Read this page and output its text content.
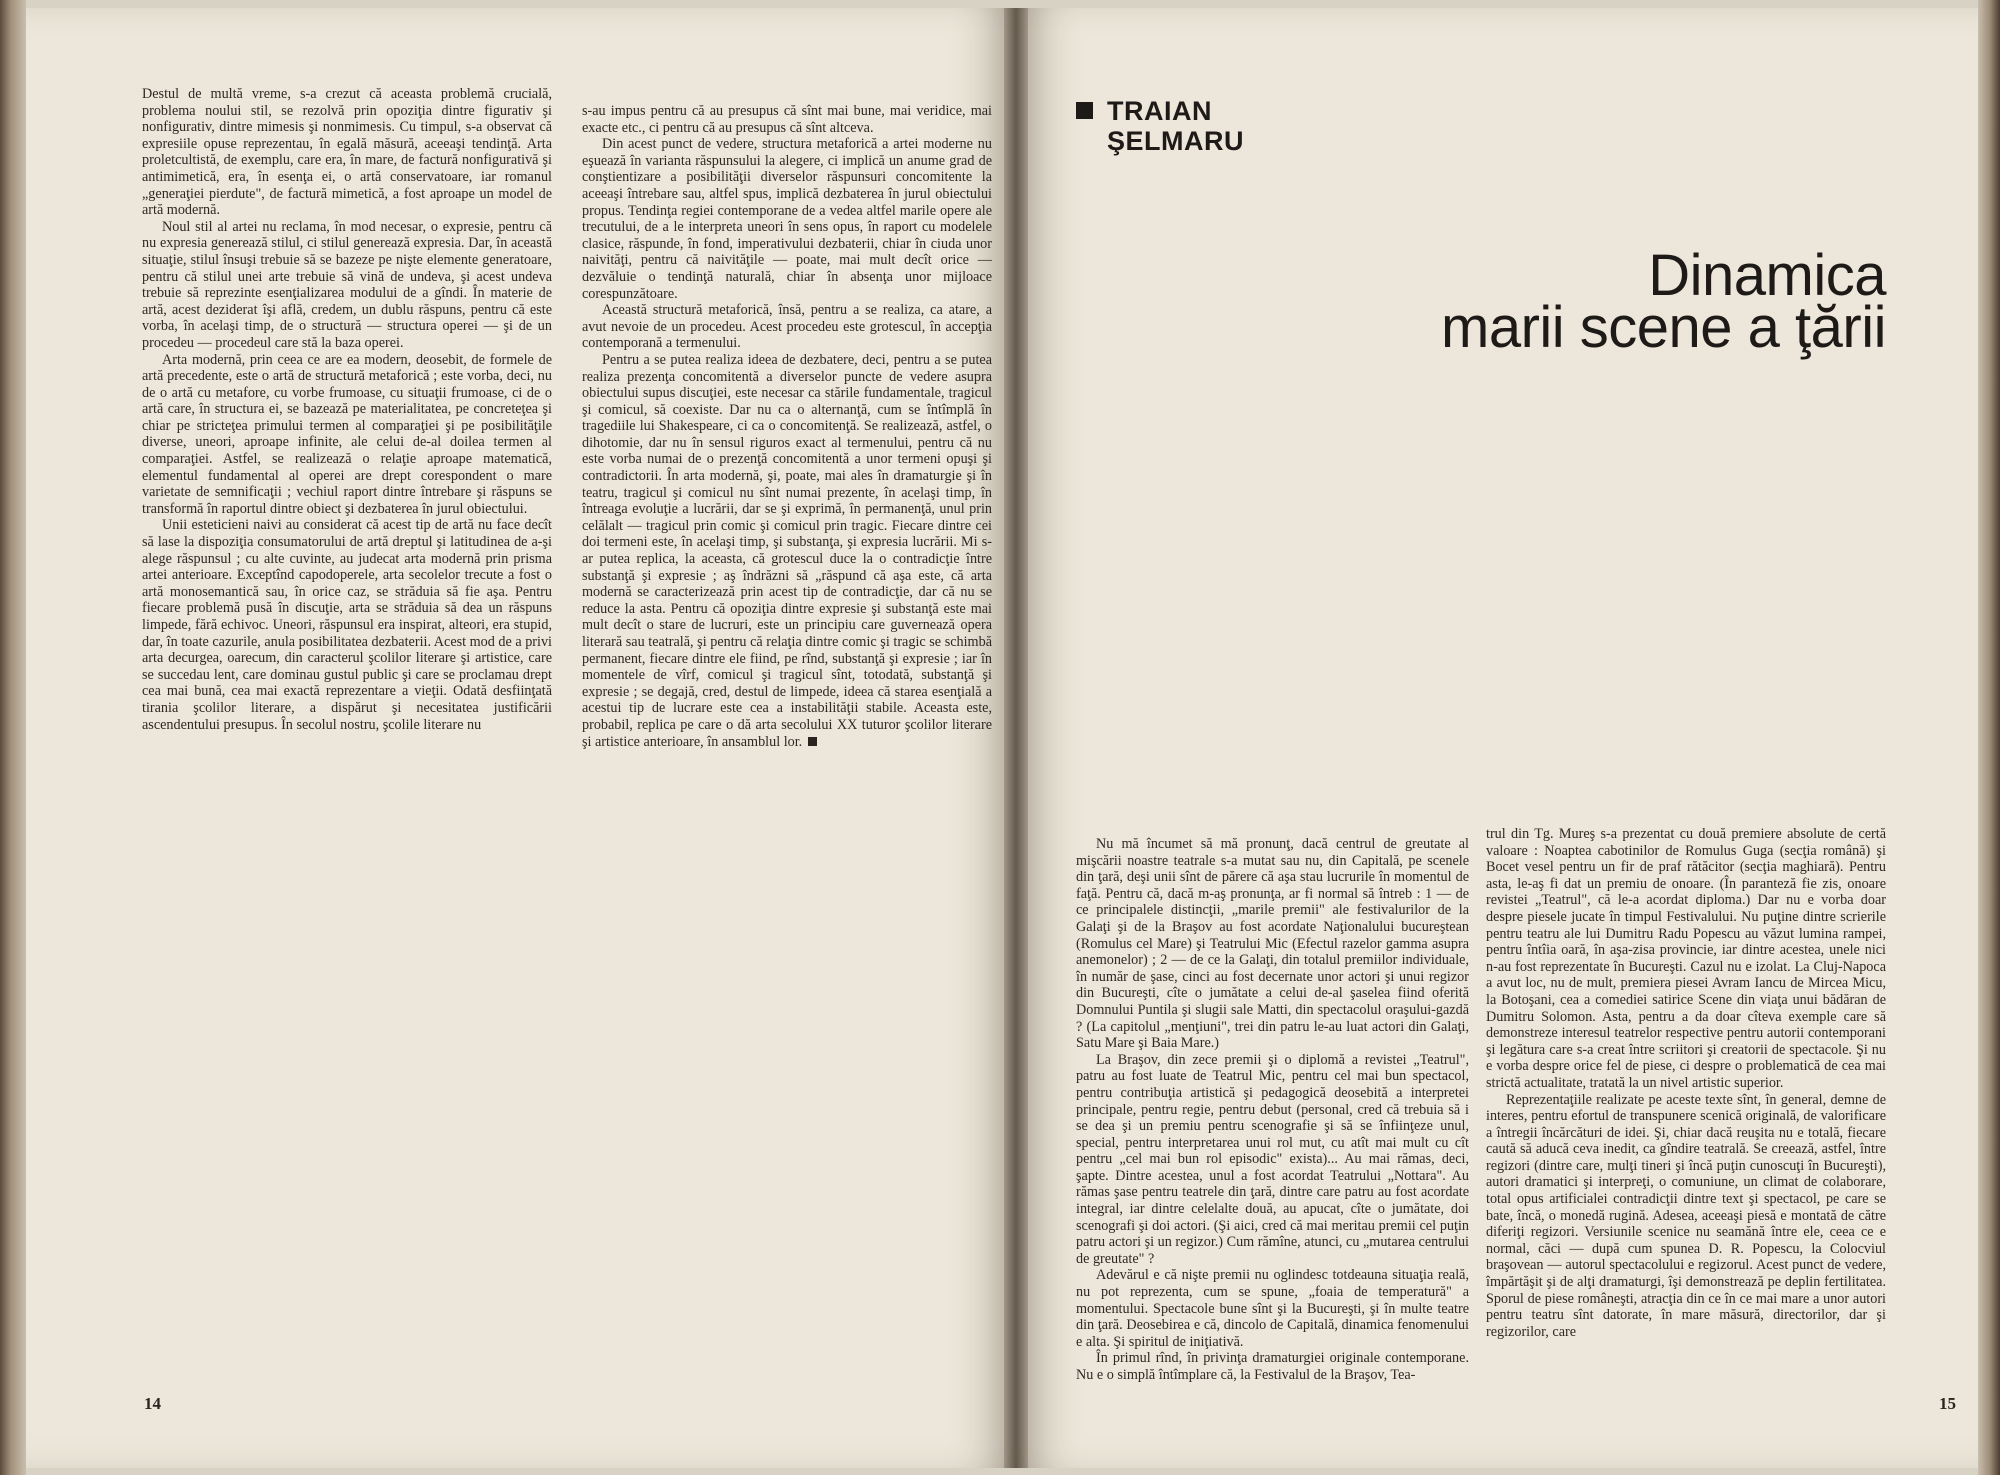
Destul de multă vreme, s-a crezut că aceasta problemă crucială, problema noului stil, se rezolvă prin opoziţia dintre figurativ şi nonfigurativ, dintre mimesis şi nonmimesis. Cu timpul, s-a observat că expresiile opuse reprezentau, în egală măsură, aceeaşi tendinţă. Arta proletcultistă, de exemplu, care era, în mare, de factură nonfigurativă şi antimimetică, era, în esenţa ei, o artă conservatoare, iar romanul „generaţiei pierdute", de factură mimetică, a fost aproape un model de artă modernă.

Noul stil al artei nu reclama, în mod necesar, o expresie, pentru că nu expresia generează stilul, ci stilul generează expresia. Dar, în această situaţie, stilul însuşi trebuie să se bazeze pe nişte elemente generatoare, pentru că stilul unei arte trebuie să vină de undeva, şi acest undeva trebuie să reprezinte esenţializarea modului de a gîndi. În materie de artă, acest deziderat îşi află, credem, un dublu răspuns, pentru că este vorba, în acelaşi timp, de o structură — structura operei — şi de un procedeu — procedeul care stă la baza operei.

Arta modernă, prin ceea ce are ea modern, deosebit, de formele de artă precedente, este o artă de structură metaforică ; este vorba, deci, nu de o artă cu metafore, cu vorbe frumoase, cu situaţii frumoase, ci de o artă care, în structura ei, se bazează pe materialitatea, pe concreteţea şi chiar pe stricteţea primului termen al comparaţiei şi pe posibilităţile diverse, uneori, aproape infinite, ale celui de-al doilea termen al comparaţiei. Astfel, se realizează o relaţie aproape matematică, elementul fundamental al operei are drept corespondent o mare varietate de semnificaţii ; vechiul raport dintre întrebare şi răspuns se transformă în raportul dintre obiect şi dezbaterea în jurul obiectului.

Unii esteticieni naivi au considerat că acest tip de artă nu face decît să lase la dispoziţia consumatorului de artă dreptul şi latitudinea de a-şi alege răspunsul ; cu alte cuvinte, au judecat arta modernă prin prisma artei anterioare. Exceptînd capodoperele, arta secolelor trecute a fost o artă monosemantică sau, în orice caz, se străduia să fie aşa. Pentru fiecare problemă pusă în discuţie, arta se străduia să dea un răspuns limpede, fără echivoc. Uneori, răspunsul era inspirat, alteori, era stupid, dar, în toate cazurile, anula posibilitatea dezbaterii. Acest mod de a privi arta decurgea, oarecum, din caracterul şcolilor literare şi artistice, care se succedau lent, care dominau gustul public şi care se proclamau drept cea mai bună, cea mai exactă reprezentare a vieţii. Odată desfiinţată tirania şcolilor literare, a dispărut şi necesitatea justificării ascendentului presupus. În secolul nostru, şcolile literare nu

s-au impus pentru că au presupus că sînt mai bune, mai veridice, mai exacte etc., ci pentru că au presupus că sînt altceva.

Din acest punct de vedere, structura metaforică a artei moderne nu eşuează în varianta răspunsului la alegere, ci implică un anume grad de conştientizare a posibilităţii diverselor răspunsuri concomitente la aceeaşi întrebare sau, altfel spus, implică dezbaterea în jurul obiectului propus. Tendinţa regiei contemporane de a vedea altfel marile opere ale trecutului, de a le interpreta uneori în sens opus, în raport cu modelele clasice, răspunde, în fond, imperativului dezbaterii, chiar în ciuda unor naivităţi, pentru că naivităţile — poate, mai mult decît orice — dezvăluie o tendinţă naturală, chiar în absenţa unor mijloace corespunzătoare.

Această structură metaforică, însă, pentru a se realiza, ca atare, a avut nevoie de un procedeu. Acest procedeu este grotescul, în accepţia contemporană a termenului.

Pentru a se putea realiza ideea de dezbatere, deci, pentru a se putea realiza prezenţa concomitentă a diverselor puncte de vedere asupra obiectului supus discuţiei, este necesar ca stările fundamentale, tragicul şi comicul, să coexiste. Dar nu ca o alternanţă, cum se întîmplă în tragediile lui Shakespeare, ci ca o concomitenţă. Se realizează, astfel, o dihotomie, dar nu în sensul riguros exact al termenului, pentru că nu este vorba numai de o prezenţă concomitentă a unor termeni opuşi şi contradictorii. În arta modernă, şi, poate, mai ales în dramaturgie şi în teatru, tragicul şi comicul nu sînt numai prezente, în acelaşi timp, în întreaga evoluţie a lucrării, dar se şi exprimă, în permanenţă, unul prin celălalt — tragicul prin comic şi comicul prin tragic. Fiecare dintre cei doi termeni este, în acelaşi timp, şi substanţa, şi expresia lucrării. Mi s-ar putea replica, la aceasta, că grotescul duce la o contradicţie între substanţă şi expresie ; aş îndrăzni să „răspund că aşa este, că arta modernă se caracterizează prin acest tip de contradicţie, dar că nu se reduce la asta. Pentru că opoziţia dintre expresie şi substanţă este mai mult decît o stare de lucruri, este un principiu care guvernează opera literară sau teatrală, şi pentru că relaţia dintre comic şi tragic se schimbă permanent, fiecare dintre ele fiind, pe rînd, substanţă şi expresie ; iar în momentele de vîrf, comicul şi tragicul sînt, totodată, substanţă şi expresie ; se degajă, cred, destul de limpede, ideea că starea esenţială a acestui tip de lucrare este cea a instabilităţii stabile. Aceasta este, probabil, replica pe care o dă arta secolului XX tuturor şcolilor literare şi artistice anterioare, în ansamblul lor.

14
TRAIAN
ŞELMARU
Dinamica
marii scene a ţării

Nu mă încumet să mă pronunţ, dacă centrul de greutate al mişcării noastre teatrale s-a mutat sau nu, din Capitală, pe scenele din ţară, deşi unii sînt de părere că aşa stau lucrurile în momentul de faţă. Pentru că, dacă m-aş pronunţa, ar fi normal să întreb : 1 — de ce principalele distincţii, „marile premii" ale festivalurilor de la Galaţi şi de la Braşov au fost acordate Naţionalului bucureştean (Romulus cel Mare) şi Teatrului Mic (Efectul razelor gamma asupra anemonelor) ; 2 — de ce la Galaţi, din totalul premiilor individuale, în număr de şase, cinci au fost decernate unor actori şi unui regizor din Bucureşti, cîte o jumătate a celui de-al şaselea fiind oferită Domnului Puntila şi slugii sale Matti, din spectacolul oraşului-gazdă ? (La capitolul „menţiuni", trei din patru le-au luat actori din Galaţi, Satu Mare şi Baia Mare.)

La Braşov, din zece premii şi o diplomă a revistei „Teatrul", patru au fost luate de Teatrul Mic, pentru cel mai bun spectacol, pentru contribuţia artistică şi pedagogică deosebită a interpretei principale, pentru regie, pentru debut (personal, cred că trebuia să i se dea şi un premiu pentru scenografie şi să se înfiinţeze unul, special, pentru interpretarea unui rol mut, cu atît mai mult cu cît pentru „cel mai bun rol episodic" exista)... Au mai rămas, deci, şapte. Dintre acestea, unul a fost acordat Teatrului „Nottara". Au rămas şase pentru teatrele din ţară, dintre care patru au fost acordate integral, iar dintre celelalte două, au apucat, cîte o jumătate, doi scenografi şi doi actori. (Şi aici, cred că mai meritau premii cel puţin patru actori şi un regizor.) Cum rămîne, atunci, cu „mutarea centrului de greutate" ?

Adevărul e că nişte premii nu oglindesc totdeauna situaţia reală, nu pot reprezenta, cum se spune, „foaia de temperatură" a momentului. Spectacole bune sînt şi la Bucureşti, şi în multe teatre din ţară. Deosebirea e că, dincolo de Capitală, dinamica fenomenului e alta. Şi spiritul de iniţiativă.

În primul rînd, în privinţa dramaturgiei originale contemporane. Nu e o simplă întîmplare că, la Festivalul de la Braşov, Tea-

trul din Tg. Mureş s-a prezentat cu două premiere absolute de certă valoare : Noaptea cabotinilor de Romulus Guga (secţia română) şi Bocet vesel pentru un fir de praf rătăcitor (secţia maghiară). Pentru asta, le-aş fi dat un premiu de onoare. (În paranteză fie zis, onoare revistei „Teatrul", că le-a acordat diploma.) Dar nu e vorba doar despre piesele jucate în timpul Festivalului. Nu puţine dintre scrierile pentru teatru ale lui Dumitru Radu Popescu au văzut lumina rampei, pentru întîia oară, în aşa-zisa provincie, iar dintre acestea, unele nici n-au fost reprezentate în Bucureşti. Cazul nu e izolat. La Cluj-Napoca a avut loc, nu de mult, premiera piesei Avram Iancu de Mircea Micu, la Botoşani, cea a comediei satirice Scene din viaţa unui bădăran de Dumitru Solomon. Asta, pentru a da doar cîteva exemple care să demonstreze interesul teatrelor respective pentru autorii contemporani şi legătura care s-a creat între scriitori şi creatorii de spectacole. Şi nu e vorba despre orice fel de piese, ci despre o problematică de cea mai strictă actualitate, tratată la un nivel artistic superior.

Reprezentaţiile realizate pe aceste texte sînt, în general, demne de interes, pentru efortul de transpunere scenică originală, de valorificare a întregii încărcături de idei. Şi, chiar dacă reuşita nu e totală, fiecare caută să aducă ceva inedit, ca gîndire teatrală. Se creează, astfel, între regizori (dintre care, mulţi tineri şi încă puţin cunoscuţi în Bucureşti), autori dramatici şi interpreţi, o comuniune, un climat de colaborare, total opus artificialei contradicţii dintre text şi spectacol, pe care se bate, încă, o monedă rugină. Adesea, aceeaşi piesă e montată de către diferiţi regizori. Versiunile scenice nu seamănă între ele, ceea ce e normal, căci — după cum spunea D. R. Popescu, la Colocviul braşovean — autorul spectacolului e regizorul. Acest punct de vedere, împărtăşit şi de alţi dramaturgi, îşi demonstrează pe deplin fertilitatea. Sporul de piese româneşti, atracţia din ce în ce mai mare a unor autori pentru teatru sînt datorate, în mare măsură, directorilor, dar şi regizorilor, care

15
